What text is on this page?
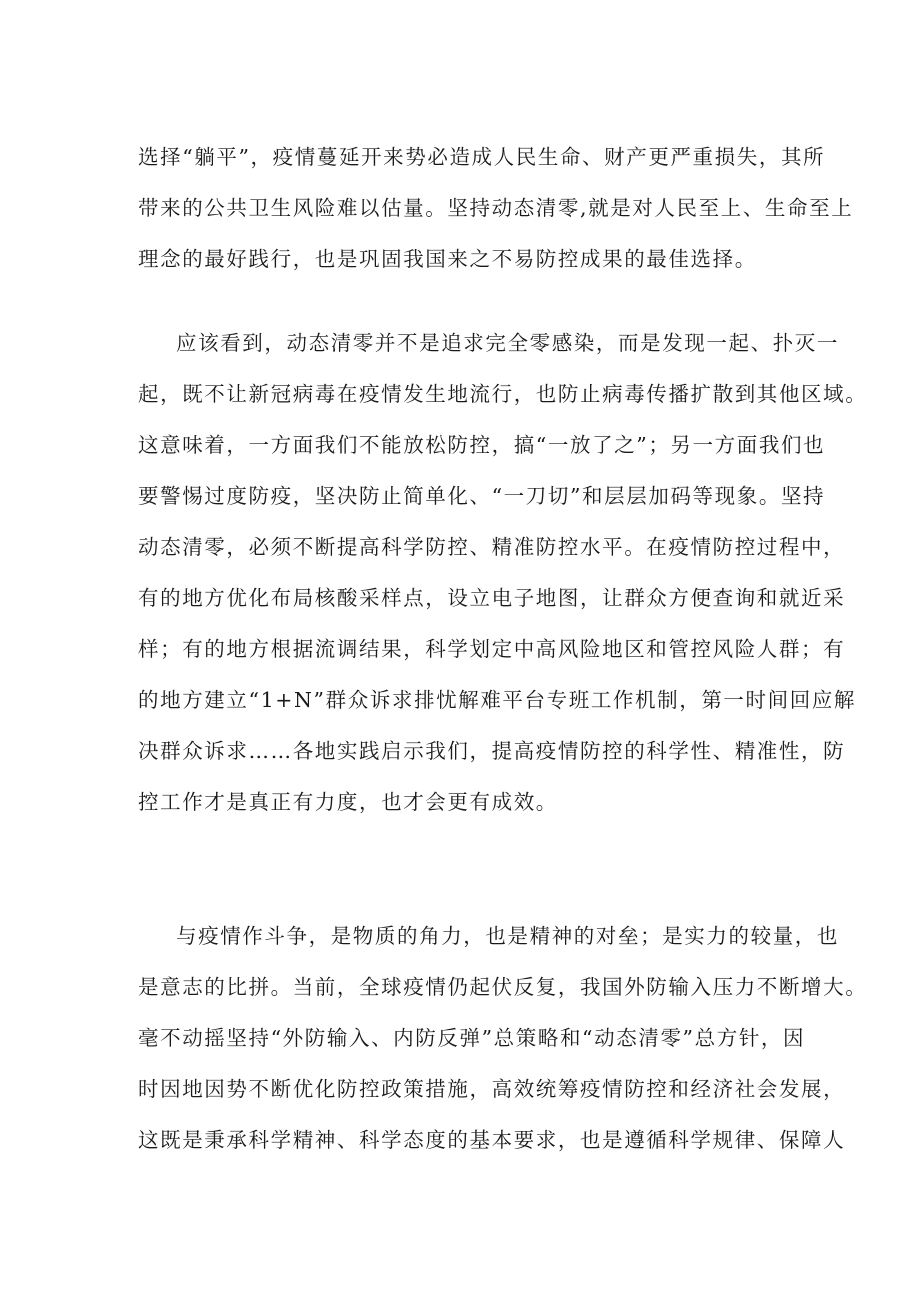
选择“躺平”，疫情蔓延开来势必造成人民生命、财产更严重损失，其所
带来的公共卫生风险难以估量。坚持动态清零,就是对人民至上、生命至上
理念的最好践行，也是巩固我国来之不易防控成果的最佳选择。
应该看到，动态清零并不是追求完全零感染，而是发现一起、扑灭一
起，既不让新冠病毒在疫情发生地流行，也防止病毒传播扩散到其他区域。
这意味着，一方面我们不能放松防控，搞“一放了之”；另一方面我们也
要警惕过度防疫，坚决防止简单化、“一刀切”和层层加码等现象。坚持
动态清零，必须不断提高科学防控、精准防控水平。在疫情防控过程中，
有的地方优化布局核酸采样点，设立电子地图，让群众方便查询和就近采
样；有的地方根据流调结果，科学划定中高风险地区和管控风险人群；有
的地方建立“1+N”群众诉求排忧解难平台专班工作机制，第一时间回应解
决群众诉求……各地实践启示我们，提高疫情防控的科学性、精准性，防
控工作才是真正有力度，也才会更有成效。
与疫情作斗争，是物质的角力，也是精神的对垒；是实力的较量，也
是意志的比拼。当前，全球疫情仍起伏反复，我国外防输入压力不断增大。
毫不动摇坚持“外防输入、内防反弹”总策略和“动态清零”总方针，因
时因地因势不断优化防控政策措施，高效统筹疫情防控和经济社会发展，
这既是秉承科学精神、科学态度的基本要求，也是遵循科学规律、保障人
